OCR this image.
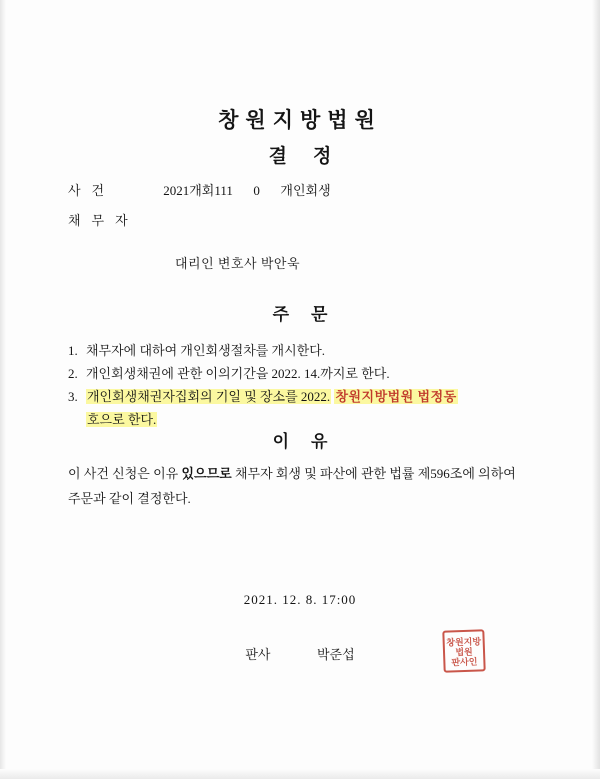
창원지방법원
결정
사건	2021개회111 0 개인회생
채무자
대리인 변호사 박안욱
주문
1. 채무자에 대하여 개인회생절차를 개시한다.
2. 개인회생채권에 관한 이의기간을 2022. 14.까지로 한다.
3. 개인회생채권자집회의 기일 및 장소를 2022. 창원지방법원 법정동
호으로 한다.
이유
이 사건 신청은 이유 있으므로 채무자 회생 및 파산에 관한 법률 제596조에 의하여
주문과 같이 결정한다.
2021. 12. 8. 17:00
판사	박준섭
창원지방
법원
판사인
